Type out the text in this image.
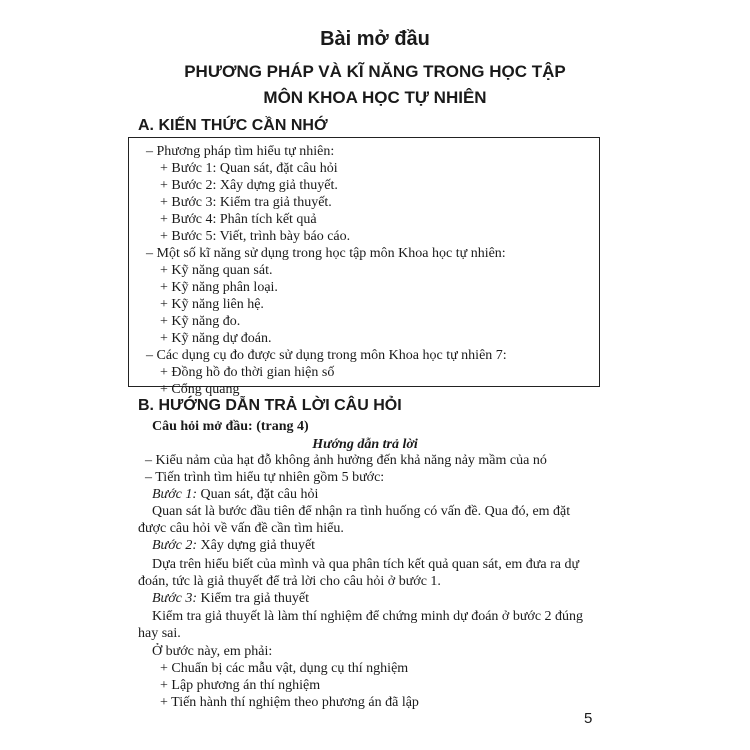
Bài mở đầu
PHƯƠNG PHÁP VÀ KĨ NĂNG TRONG HỌC TẬP
MÔN KHOA HỌC TỰ NHIÊN
A. KIẾN THỨC CẦN NHỚ
– Phương pháp tìm hiểu tự nhiên:
+ Bước 1: Quan sát, đặt câu hỏi
+ Bước 2: Xây dựng giả thuyết.
+ Bước 3: Kiểm tra giả thuyết.
+ Bước 4: Phân tích kết quả
+ Bước 5: Viết, trình bày báo cáo.
– Một số kĩ năng sử dụng trong học tập môn Khoa học tự nhiên:
+ Kỹ năng quan sát.
+ Kỹ năng phân loại.
+ Kỹ năng liên hệ.
+ Kỹ năng đo.
+ Kỹ năng dự đoán.
– Các dụng cụ đo được sử dụng trong môn Khoa học tự nhiên 7:
+ Đồng hồ đo thời gian hiện số
+ Cổng quang
B. HƯỚNG DẪN TRẢ LỜI CÂU HỎI
Câu hỏi mở đầu: (trang 4)
Hướng dẫn trả lời
– Kiểu nảm của hạt đỗ không ảnh hưởng đến khả năng nảy mầm của nó
– Tiến trình tìm hiểu tự nhiên gồm 5 bước:
Bước 1: Quan sát, đặt câu hỏi
Quan sát là bước đầu tiên để nhận ra tình huống có vấn đề. Qua đó, em đặt
được câu hỏi về vấn đề cần tìm hiểu.
Bước 2: Xây dựng giả thuyết
Dựa trên hiểu biết của mình và qua phân tích kết quả quan sát, em đưa ra dự
đoán, tức là giả thuyết để trả lời cho câu hỏi ở bước 1.
Bước 3: Kiểm tra giả thuyết
Kiểm tra giả thuyết là làm thí nghiệm để chứng minh dự đoán ở bước 2 đúng
hay sai.
Ở bước này, em phải:
+ Chuẩn bị các mẫu vật, dụng cụ thí nghiệm
+ Lập phương án thí nghiệm
+ Tiến hành thí nghiệm theo phương án đã lập
5
